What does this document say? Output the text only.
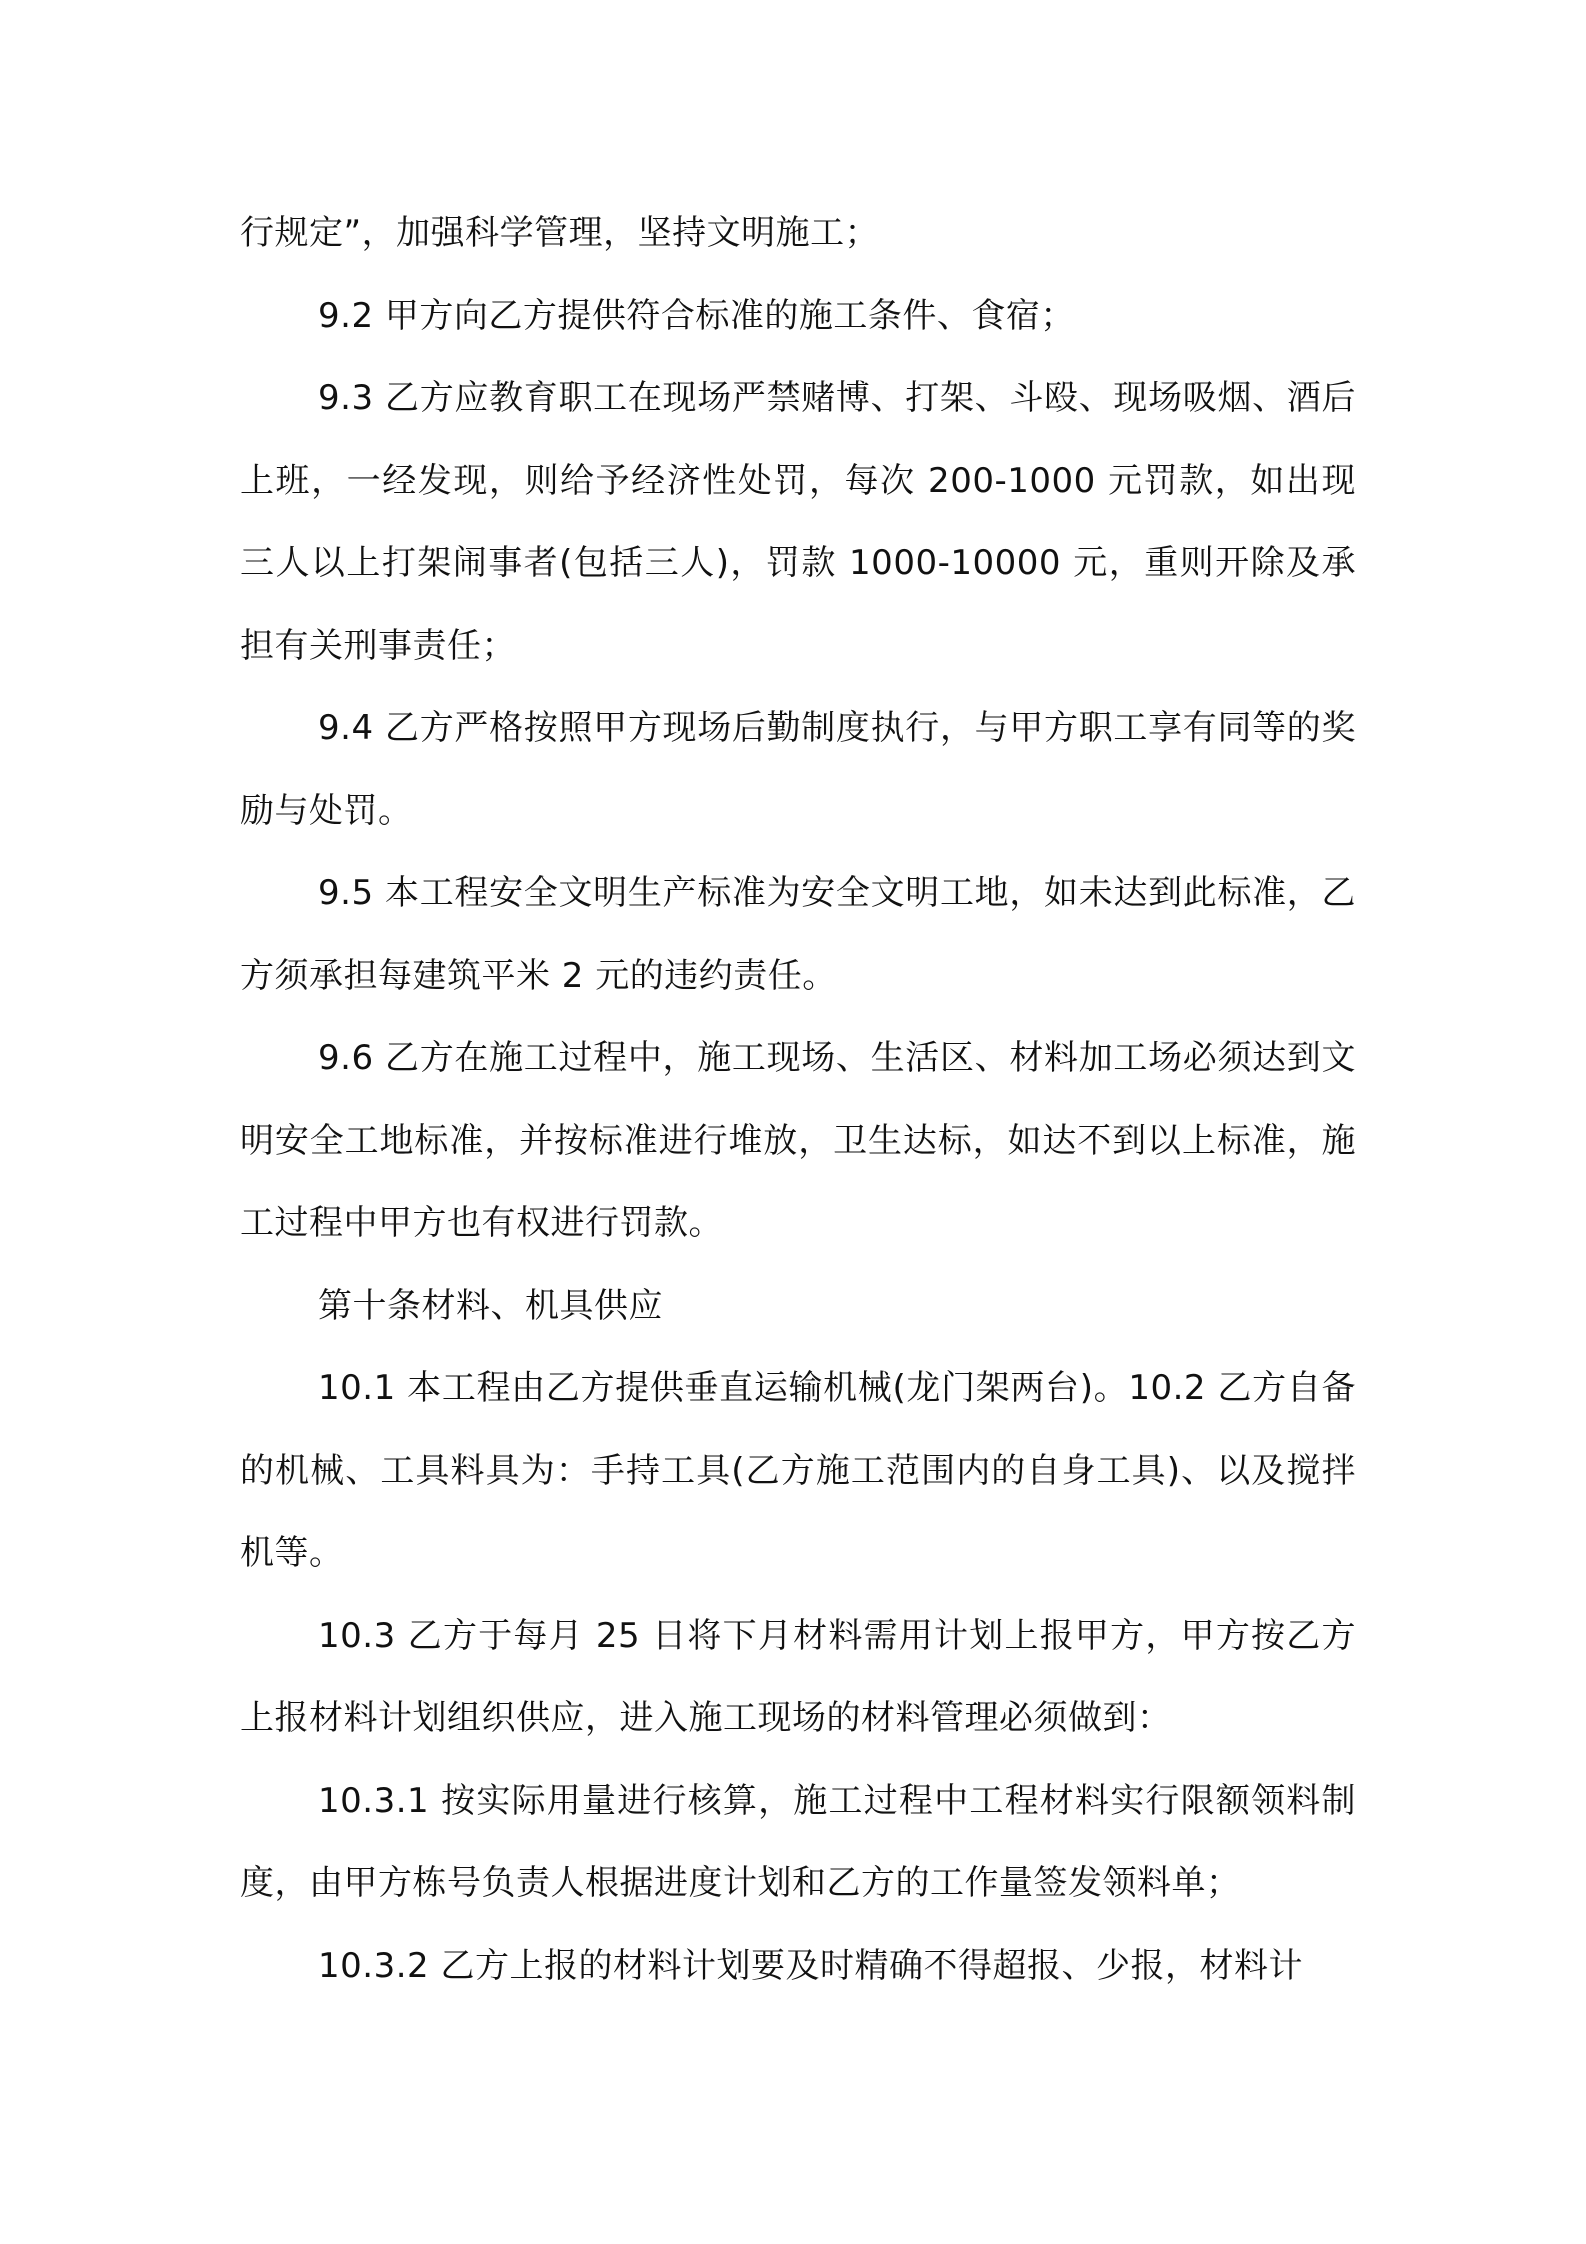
行规定”，加强科学管理，坚持文明施工；

9.2 甲方向乙方提供符合标准的施工条件、食宿；

9.3 乙方应教育职工在现场严禁赌博、打架、斗殴、现场吸烟、酒后上班，一经发现，则给予经济性处罚，每次 200-1000 元罚款，如出现三人以上打架闹事者(包括三人)，罚款 1000-10000 元，重则开除及承担有关刑事责任；

9.4 乙方严格按照甲方现场后勤制度执行，与甲方职工享有同等的奖励与处罚。

9.5 本工程安全文明生产标准为安全文明工地，如未达到此标准，乙方须承担每建筑平米 2 元的违约责任。

9.6 乙方在施工过程中，施工现场、生活区、材料加工场必须达到文明安全工地标准，并按标准进行堆放，卫生达标，如达不到以上标准，施工过程中甲方也有权进行罚款。

第十条材料、机具供应

10.1 本工程由乙方提供垂直运输机械(龙门架两台)。10.2 乙方自备的机械、工具料具为：手持工具(乙方施工范围内的自身工具)、以及搅拌机等。

10.3 乙方于每月 25 日将下月材料需用计划上报甲方，甲方按乙方上报材料计划组织供应，进入施工现场的材料管理必须做到：

10.3.1 按实际用量进行核算，施工过程中工程材料实行限额领料制度，由甲方栋号负责人根据进度计划和乙方的工作量签发领料单；

10.3.2 乙方上报的材料计划要及时精确不得超报、少报，材料计
